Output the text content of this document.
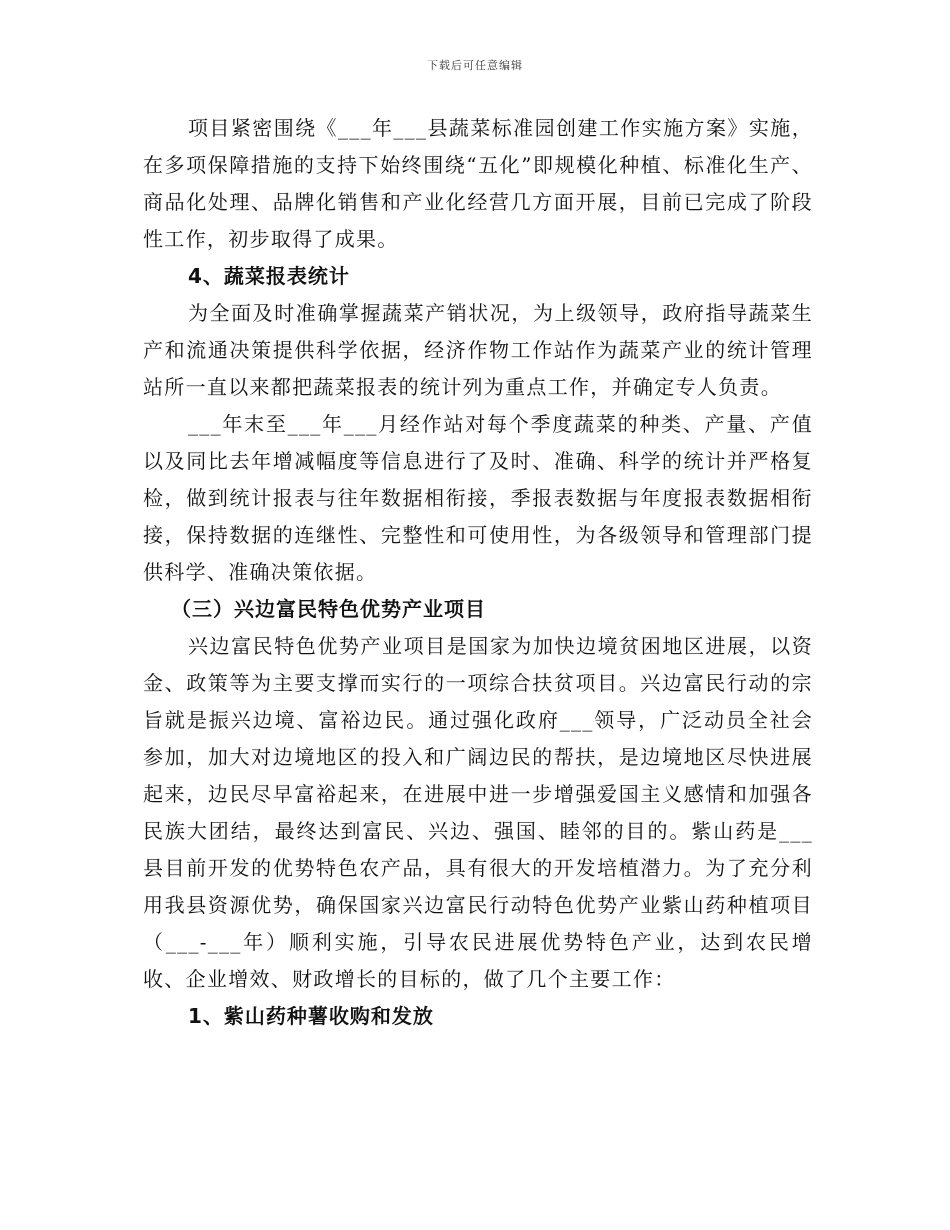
下载后可任意编辑

项目紧密围绕《___年___县蔬菜标准园创建工作实施方案》实施，在多项保障措施的支持下始终围绕“五化”即规模化种植、标准化生产、商品化处理、品牌化销售和产业化经营几方面开展，目前已完成了阶段性工作，初步取得了成果。

4、蔬菜报表统计

为全面及时准确掌握蔬菜产销状况，为上级领导，政府指导蔬菜生产和流通决策提供科学依据，经济作物工作站作为蔬菜产业的统计管理站所一直以来都把蔬菜报表的统计列为重点工作，并确定专人负责。

___年末至___年___月经作站对每个季度蔬菜的种类、产量、产值以及同比去年增减幅度等信息进行了及时、准确、科学的统计并严格复检，做到统计报表与往年数据相衔接，季报表数据与年度报表数据相衔接，保持数据的连继性、完整性和可使用性，为各级领导和管理部门提供科学、准确决策依据。

（三）兴边富民特色优势产业项目

兴边富民特色优势产业项目是国家为加快边境贫困地区进展，以资金、政策等为主要支撑而实行的一项综合扶贫项目。兴边富民行动的宗旨就是振兴边境、富裕边民。通过强化政府___领导，广泛动员全社会参加，加大对边境地区的投入和广阔边民的帮扶，是边境地区尽快进展起来，边民尽早富裕起来，在进展中进一步增强爱国主义感情和加强各民族大团结，最终达到富民、兴边、强国、睦邻的目的。紫山药是___县目前开发的优势特色农产品，具有很大的开发培植潜力。为了充分利用我县资源优势，确保国家兴边富民行动特色优势产业紫山药种植项目（___-___年）顺利实施，引导农民进展优势特色产业，达到农民增收、企业增效、财政增长的目标的，做了几个主要工作：

1、紫山药种薯收购和发放
